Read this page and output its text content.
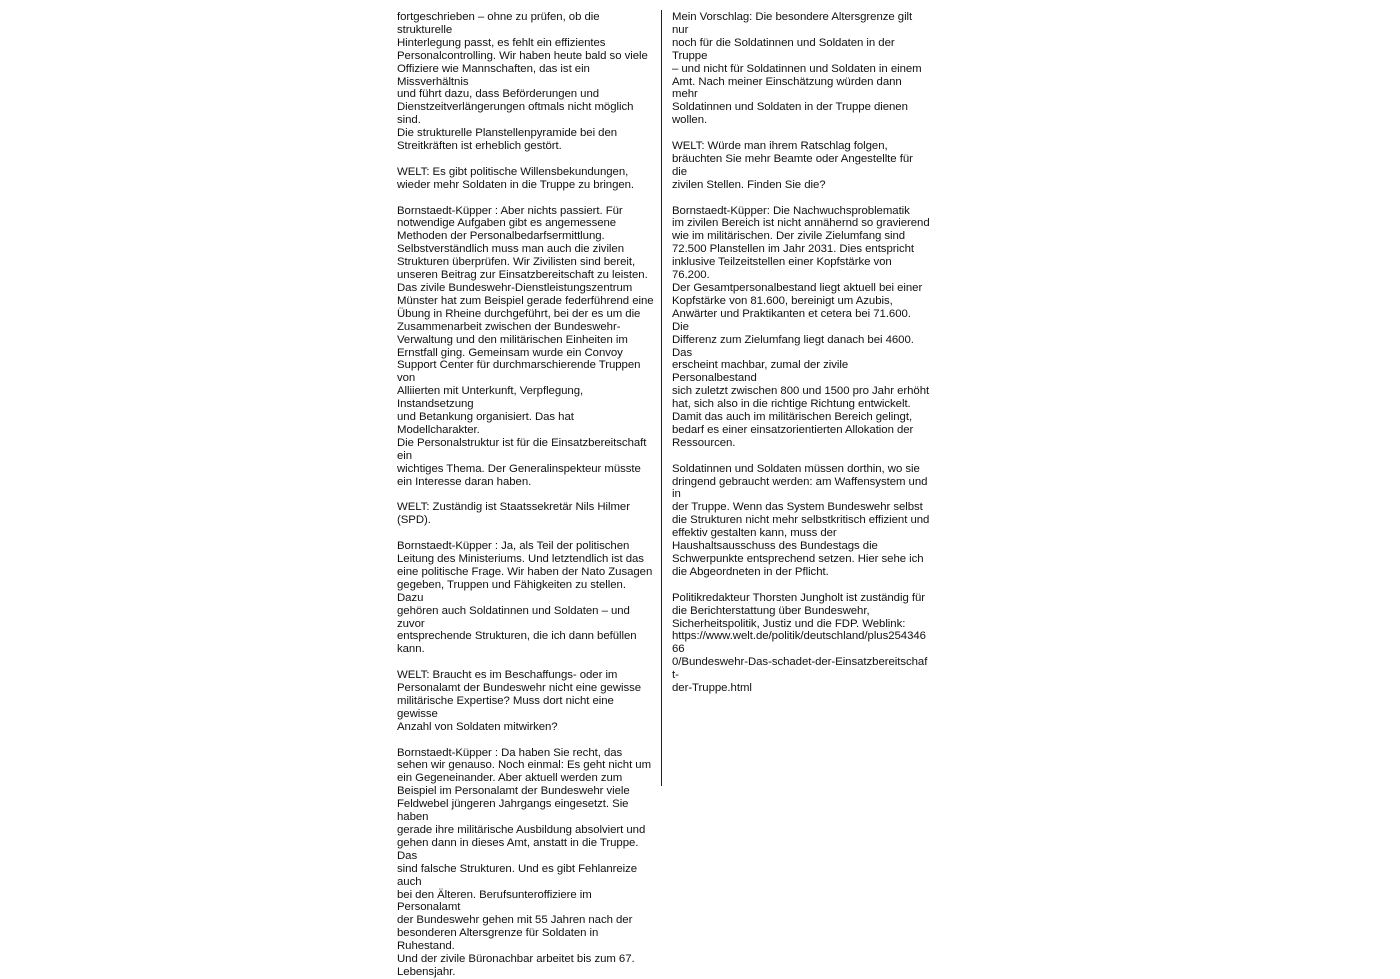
fortgeschrieben – ohne zu prüfen, ob die strukturelle
Hinterlegung passt, es fehlt ein effizientes
Personalcontrolling. Wir haben heute bald so viele
Offiziere wie Mannschaften, das ist ein Missverhältnis
und führt dazu, dass Beförderungen und
Dienstzeitverlängerungen oftmals nicht möglich sind.
Die strukturelle Planstellenpyramide bei den
Streitkräften ist erheblich gestört.

WELT: Es gibt politische Willensbekundungen,
wieder mehr Soldaten in die Truppe zu bringen.

Bornstaedt-Küpper : Aber nichts passiert. Für
notwendige Aufgaben gibt es angemessene
Methoden der Personalbedarfsermittlung.
Selbstverständlich muss man auch die zivilen
Strukturen überprüfen. Wir Zivilisten sind bereit,
unseren Beitrag zur Einsatzbereitschaft zu leisten.
Das zivile Bundeswehr-Dienstleistungszentrum
Münster hat zum Beispiel gerade federführend eine
Übung in Rheine durchgeführt, bei der es um die
Zusammenarbeit zwischen der Bundeswehr-
Verwaltung und den militärischen Einheiten im
Ernstfall ging. Gemeinsam wurde ein Convoy
Support Center für durchmarschierende Truppen von
Alliierten mit Unterkunft, Verpflegung, Instandsetzung
und Betankung organisiert. Das hat Modellcharakter.
Die Personalstruktur ist für die Einsatzbereitschaft ein
wichtiges Thema. Der Generalinspekteur müsste
ein Interesse daran haben.

WELT: Zuständig ist Staatssekretär Nils Hilmer
(SPD).

Bornstaedt-Küpper : Ja, als Teil der politischen
Leitung des Ministeriums. Und letztendlich ist das
eine politische Frage. Wir haben der Nato Zusagen
gegeben, Truppen und Fähigkeiten zu stellen. Dazu
gehören auch Soldatinnen und Soldaten – und zuvor
entsprechende Strukturen, die ich dann befüllen
kann.

WELT: Braucht es im Beschaffungs- oder im
Personalamt der Bundeswehr nicht eine gewisse
militärische Expertise? Muss dort nicht eine gewisse
Anzahl von Soldaten mitwirken?

Bornstaedt-Küpper : Da haben Sie recht, das
sehen wir genauso. Noch einmal: Es geht nicht um
ein Gegeneinander. Aber aktuell werden zum
Beispiel im Personalamt der Bundeswehr viele
Feldwebel jüngeren Jahrgangs eingesetzt. Sie haben
gerade ihre militärische Ausbildung absolviert und
gehen dann in dieses Amt, anstatt in die Truppe. Das
sind falsche Strukturen. Und es gibt Fehlanreize auch
bei den Älteren. Berufsunteroffiziere im Personalamt
der Bundeswehr gehen mit 55 Jahren nach der
besonderen Altersgrenze für Soldaten in Ruhestand.
Und der zivile Büronachbar arbeitet bis zum 67.
Lebensjahr.

Mein Vorschlag: Die besondere Altersgrenze gilt nur
noch für die Soldatinnen und Soldaten in der Truppe
– und nicht für Soldatinnen und Soldaten in einem
Amt. Nach meiner Einschätzung würden dann mehr
Soldatinnen und Soldaten in der Truppe dienen
wollen.

WELT: Würde man ihrem Ratschlag folgen,
bräuchten Sie mehr Beamte oder Angestellte für die
zivilen Stellen. Finden Sie die?

Bornstaedt-Küpper: Die Nachwuchsproblematik
im zivilen Bereich ist nicht annähernd so gravierend
wie im militärischen. Der zivile Zielumfang sind
72.500 Planstellen im Jahr 2031. Dies entspricht
inklusive Teilzeitstellen einer Kopfstärke von 76.200.
Der Gesamtpersonalbestand liegt aktuell bei einer
Kopfstärke von 81.600, bereinigt um Azubis,
Anwärter und Praktikanten et cetera bei 71.600. Die
Differenz zum Zielumfang liegt danach bei 4600. Das
erscheint machbar, zumal der zivile Personalbestand
sich zuletzt zwischen 800 und 1500 pro Jahr erhöht
hat, sich also in die richtige Richtung entwickelt.
Damit das auch im militärischen Bereich gelingt,
bedarf es einer einsatzorientierten Allokation der
Ressourcen.

Soldatinnen und Soldaten müssen dorthin, wo sie
dringend gebraucht werden: am Waffensystem und in
der Truppe. Wenn das System Bundeswehr selbst
die Strukturen nicht mehr selbstkritisch effizient und
effektiv gestalten kann, muss der
Haushaltsausschuss des Bundestags die
Schwerpunkte entsprechend setzen. Hier sehe ich
die Abgeordneten in der Pflicht.

Politikredakteur Thorsten Jungholt ist zuständig für
die Berichterstattung über Bundeswehr,
Sicherheitspolitik, Justiz und die FDP. Weblink:
https://www.welt.de/politik/deutschland/plus25434666
0/Bundeswehr-Das-schadet-der-Einsatzbereitschaft-
der-Truppe.html
